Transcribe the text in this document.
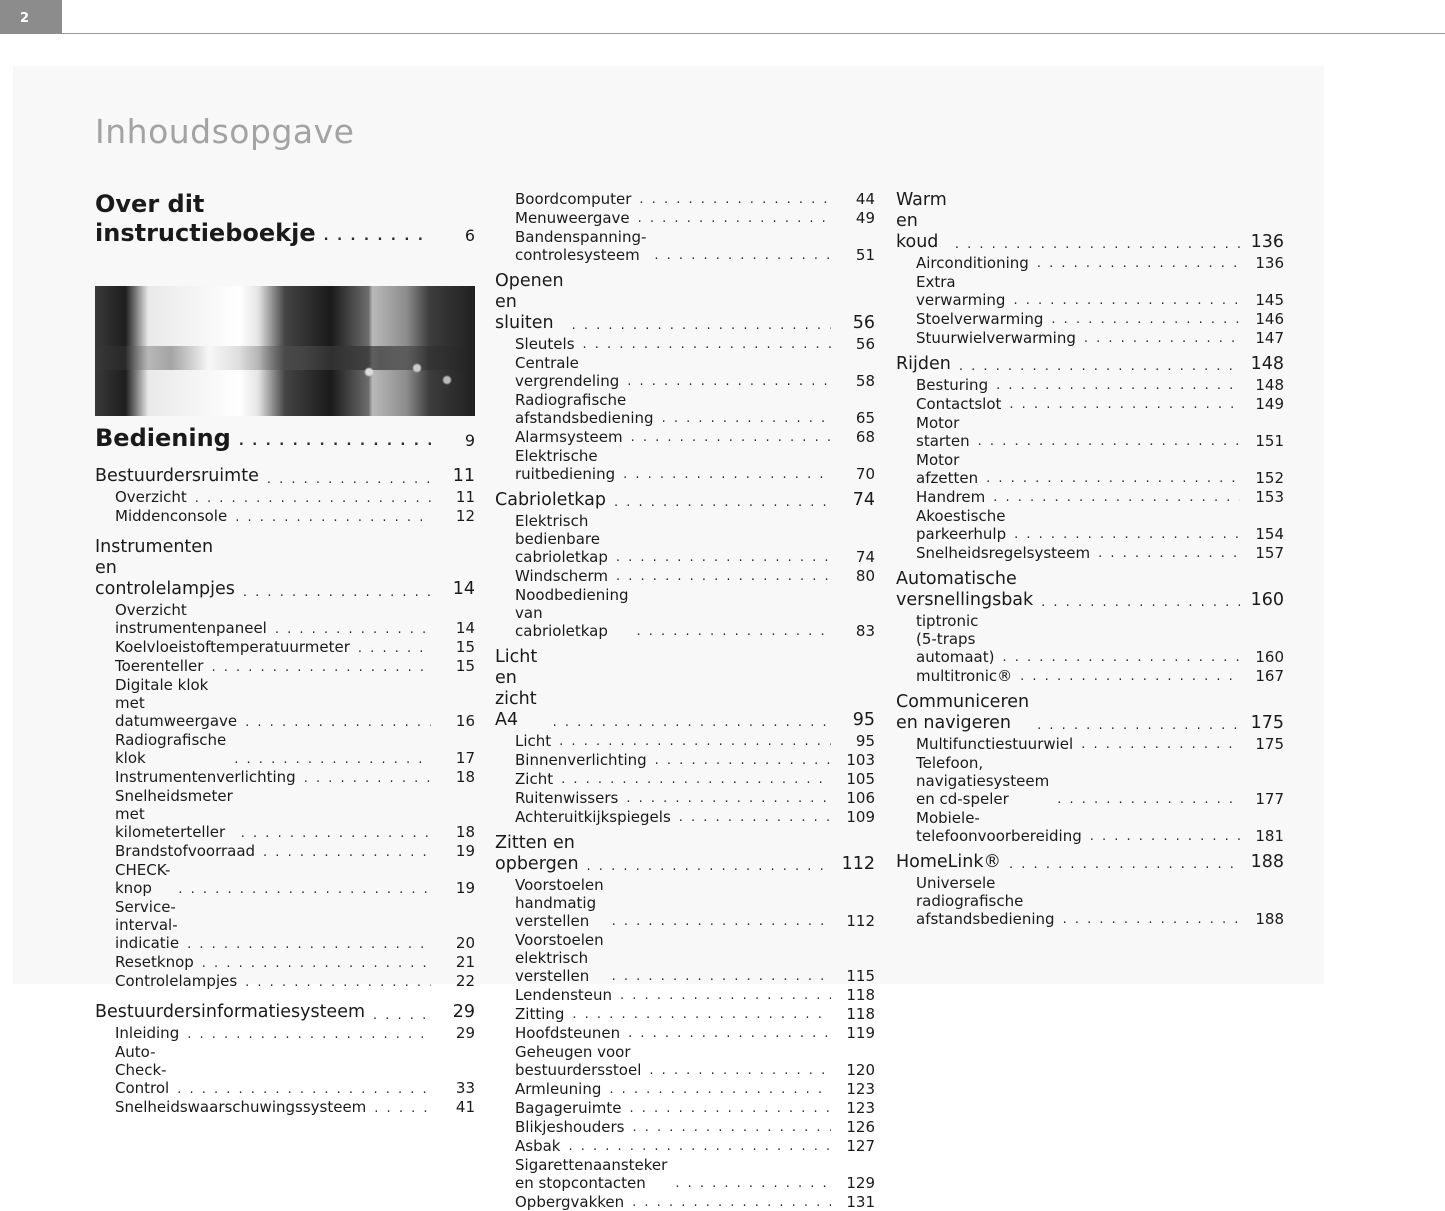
2
Inhoudsopgave
Over dit instructieboekje . . .	6
Bediening . . .	9
Bestuurdersruimte . . .	11
Overzicht . . .	11
Middenconsole . . .	12
Instrumenten en controlelampjes . . .	14
Overzicht instrumentenpaneel . . .	14
Koelvloeistoftemperatuurmeter . . .	15
Toerenteller . . .	15
Digitale klok met datumweergave . . .	16
Radiografische klok . . .	17
Instrumentenverlichting . . .	18
Snelheidsmeter met kilometerteller . . .	18
Brandstofvoorraad . . .	19
CHECK-knop . . .	19
Service-interval-indicatie . . .	20
Resetknop . . .	21
Controlelampjes . . .	22
Bestuurdersinformatiesysteem . . .	29
Inleiding . . .	29
Auto-Check-Control . . .	33
Snelheidswaarschuwingssysteem . . .	41
Boordcomputer . . .	44
Menuweergave . . .	49
Bandenspanning-controlesysteem . . .	51
Openen en sluiten . . .	56
Sleutels . . .	56
Centrale vergrendeling . . .	58
Radiografische afstandsbediening . . .	65
Alarmsysteem . . .	68
Elektrische ruitbediening . . .	70
Cabrioletkap . . .	74
Elektrisch bedienbare cabrioletkap . . .	74
Windscherm . . .	80
Noodbediening van cabrioletkap . . .	83
Licht en zicht A4 . . .	95
Licht . . .	95
Binnenverlichting . . .	103
Zicht . . .	105
Ruitenwissers . . .	106
Achteruitkijkspiegels . . .	109
Zitten en opbergen . . .	112
Voorstoelen handmatig verstellen . . .	112
Voorstoelen elektrisch verstellen . . .	115
Lendensteun . . .	118
Zitting . . .	118
Hoofdsteunen . . .	119
Geheugen voor bestuurdersstoel . . .	120
Armleuning . . .	123
Bagageruimte . . .	123
Blikjeshouders . . .	126
Asbak . . .	127
Sigarettenaansteker en stopcontacten . . .	129
Opbergvakken . . .	131
Warm en koud . . .	136
Airconditioning . . .	136
Extra verwarming . . .	145
Stoelverwarming . . .	146
Stuurwielverwarming . . .	147
Rijden . . .	148
Besturing . . .	148
Contactslot . . .	149
Motor starten . . .	151
Motor afzetten . . .	152
Handrem . . .	153
Akoestische parkeerhulp . . .	154
Snelheidsregelsysteem . . .	157
Automatische versnellingsbak . . .	160
tiptronic (5-traps automaat) . . .	160
multitronic® . . .	167
Communiceren en navigeren . . .	175
Multifunctiestuurwiel . . .	175
Telefoon, navigatiesysteem en cd-speler . . .	177
Mobiele-telefoonvoorbereiding . . .	181
HomeLink® . . .	188
Universele radiografische afstandsbediening . . .	188
